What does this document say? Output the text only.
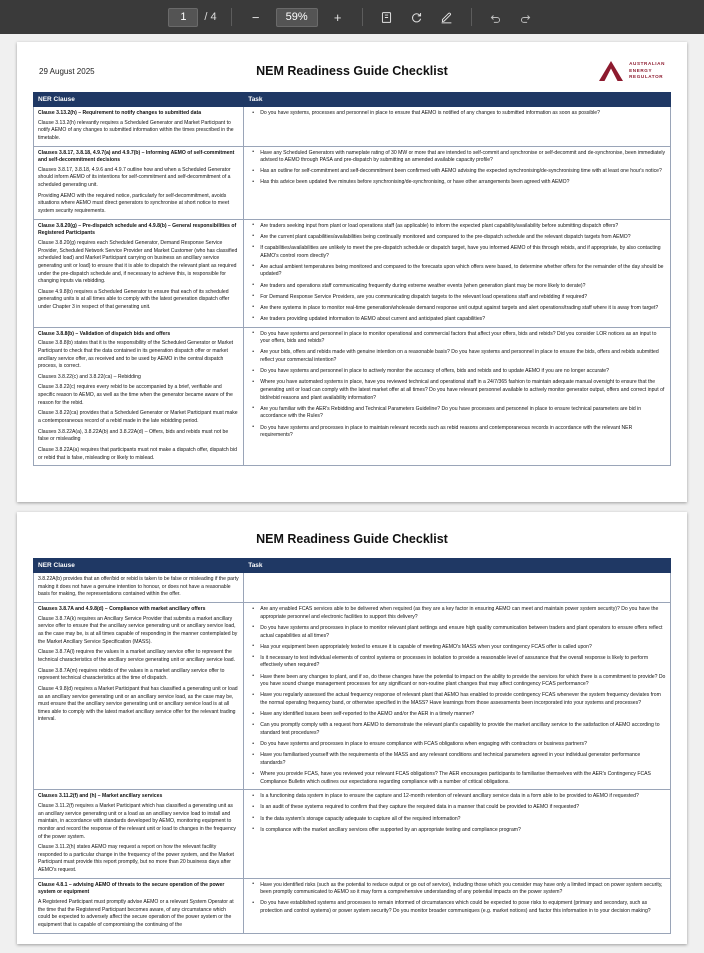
1
/ 4	−	59%	+
29 August 2025	NEM Readiness Guide Checklist
AUSTRALIAN
ENERGY
REGULATOR
NER Clause	Task

Clause 3.13.2(h) – Requirement to notify changes to submitted data
Clause 3.13.2(h) relevantly requires a Scheduled Generator and Market Participant to notify AEMO of any changes to submitted information within the times prescribed in the timetable.

• Do you have systems, processes and personnel in place to ensure that AEMO is notified of any changes to submitted information as soon as possible?

Clauses 3.8.17, 3.8.18, 4.9.7(a) and 4.9.7(b) – Informing AEMO of self-commitment and self-decommitment decisions
Clauses 3.8.17, 3.8.18, 4.9.6 and 4.9.7 outline how and when a Scheduled Generator should inform AEMO of its intentions for self-commitment and self-decommitment of a scheduled generating unit.
Providing AEMO with the required notice, particularly for self-decommitment, avoids situations where AEMO must direct generators to synchronise at short notice to meet system security requirements.

• Have any Scheduled Generators with nameplate rating of 30 MW or more that are intended to self-commit and synchronise or self-decommit and de-synchronise, been immediately advised to AEMO through PASA and pre-dispatch by submitting an amended available capacity profile?
• Has an outline for self-commitment and self-decommitment been confirmed with AEMO advising the expected synchronising/de-synchronising time with at least one hour's notice?
• Has this advice been updated five minutes before synchronising/de-synchronising, or have other arrangements been agreed with AEMO?

Clause 3.8.20(g) – Pre-dispatch schedule and 4.9.8(b) – General responsibilities of Registered Participants
Clause 3.8.20(g) requires each Scheduled Generator, Demand Response Service Provider, Scheduled Network Service Provider and Market Customer (who has classified scheduled load) and Market Participant carrying on business an ancillary service generating unit or load) to ensure that it is able to dispatch the relevant plant as required under the pre-dispatch schedule and, if necessary to achieve this, is responsible for changing inputs via rebidding.
Clause 4.9.8(b) requires a Scheduled Generator to ensure that each of its scheduled generating units is at all times able to comply with the latest generation dispatch offer under Chapter 3 in respect of that generating unit.

• Are traders seeking input from plant or load operations staff (as applicable) to inform the expected plant capability/availability before submitting dispatch offers?
• Are the current plant capabilities/availabilities being continually monitored and compared to the pre-dispatch schedule and the relevant dispatch targets from AEMO?
• If capabilities/availabilities are unlikely to meet the pre-dispatch schedule or dispatch target, have you informed AEMO of this through rebids, and if appropriate, by also contacting AEMO's control room directly?
• Are actual ambient temperatures being monitored and compared to the forecasts upon which offers were based, to determine whether offers for the remainder of the day should be updated?
• Are traders and operations staff communicating frequently during extreme weather events (when generation plant may be more likely to derate)?
• For Demand Response Service Providers, are you communicating dispatch targets to the relevant load operations staff and rebidding if required?
• Are there systems in place to monitor real-time generation/wholesale demand response unit output against targets and alert operations/trading staff where it is away from target?
• Are traders providing updated information to AEMO about current and anticipated plant capabilities?

Clause 3.8.8(b) – Validation of dispatch bids and offers
Clause 3.8.8(b) states that it is the responsibility of the Scheduled Generator or Market Participant to check that the data contained in its generation dispatch offer or market ancillary service offer, as received and to be used by AEMO in the central dispatch process, is correct.
Clauses 3.8.22(c) and 3.8.22(ca) – Rebidding
Clause 3.8.22(c) requires every rebid to be accompanied by a brief, verifiable and specific reason to AEMO, as well as the time when the generator became aware of the reason for the rebid.
Clause 3.8.22(ca) provides that a Scheduled Generator or Market Participant must make a contemporaneous record of a rebid made in the late rebidding period.
Clauses 3.8.22A(a), 3.8.22A(b) and 3.8.22A(d) – Offers, bids and rebids must not be false or misleading
Clause 3.8.22A(a) requires that participants must not make a dispatch offer, dispatch bid or rebid that is false, misleading or likely to mislead.

• Do you have systems and personnel in place to monitor operational and commercial factors that affect your offers, bids and rebids? Did you consider LOR notices as an input to your offers, bids and rebids?
• Are your bids, offers and rebids made with genuine intention on a reasonable basis? Do you have systems and personnel in place to ensure the bids, offers and rebids submitted reflect your commercial intention?
• Do you have systems and personnel in place to actively monitor the accuracy of offers, bids and rebids and to update AEMO if you are no longer accurate?
• Where you have automated systems in place, have you reviewed technical and operational staff in a 24/7/365 fashion to maintain adequate manual oversight to ensure that the generating unit or load can comply with the latest market offer at all times? Do you have relevant personnel available to actively monitor generator output, offers and correct input of bid/rebid reasons and plant availability information?
• Are you familiar with the AER's Rebidding and Technical Parameters Guideline? Do you have processes and personnel in place to ensure technical parameters are bid in accordance with the Rules?
• Do you have systems and processes in place to maintain relevant records such as rebid reasons and contemporaneous records in accordance with the relevant NER requirements?
NEM Readiness Guide Checklist
NER Clause	Task

3.8.22A(b) provides that an offer/bid or rebid is taken to be false or misleading if the party making it does not have a genuine intention to honour, or does not have a reasonable basis for making, the representations contained within the offer.

Clauses 3.8.7A and 4.9.8(d) – Compliance with market ancillary offers
Clause 3.8.7A(k) requires an Ancillary Service Provider that submits a market ancillary service offer to ensure that the ancillary service generating unit or ancillary service load, as the case may be, is at all times capable of responding in the manner contemplated by the Market Ancillary Service Specification (MASS).
Clause 3.8.7A(l) requires the values in a market ancillary service offer to represent the technical characteristics of the ancillary service generating unit or ancillary service load.
Clause 3.8.7A(m) requires rebids of the values in a market ancillary service offer to represent technical characteristics at the time of dispatch.
Clause 4.9.8(d) requires a Market Participant that has classified a generating unit or load as an ancillary service generating unit or an ancillary service load, as the case may be, must ensure that the ancillary service generating unit or ancillary service load is at all times able to comply with the latest market ancillary service offer for the relevant trading interval.

• Are any enabled FCAS services able to be delivered when required (as they are a key factor in ensuring AEMO can meet and maintain power system security)? Do you have the appropriate personnel and electronic facilities to support this delivery?
• Do you have systems and processes in place to monitor relevant plant settings and ensure high quality communication between traders and plant operators to ensure offers reflect actual capabilities at all times?
• Has your equipment been appropriately tested to ensure it is capable of meeting AEMO's MASS when your contingency FCAS offer is called upon?
• Is it necessary to test individual elements of control systems or processes in isolation to provide a reasonable level of assurance that the overall response is likely to perform effectively when required?
• Have there been any changes to plant, and if so, do these changes have the potential to impact on the ability to provide the services for which there is a commitment to provide? Do you have sound change management processes for any significant or non-routine plant changes that may affect contingency FCAS performance?
• Have you regularly assessed the actual frequency response of relevant plant that AEMO has enabled to provide contingency FCAS whenever the system frequency deviates from the normal operating frequency band, or otherwise specified in the MASS? Have learnings from those assessments been incorporated into your systems and processes?
• Have any identified issues been self-reported to the AEMO and/or the AER in a timely manner?
• Can you promptly comply with a request from AEMO to demonstrate the relevant plant's capability to provide the market ancillary service to the satisfaction of AEMO according to standard test procedures?
• Do you have systems and processes in place to ensure compliance with FCAS obligations when engaging with contractors or business partners?
• Have you familiarised yourself with the requirements of the MASS and any relevant conditions and technical parameters agreed in your individual generator performance standards?
• Where you provide FCAS, have you reviewed your relevant FCAS obligations? The AER encourages participants to familiarise themselves with the AER's Contingency FCAS Compliance Bulletin which outlines our expectations regarding compliance with a number of critical obligations.

Clauses 3.11.2(f) and (h) – Market ancillary services
Clause 3.11.2(f) requires a Market Participant which has classified a generating unit as an ancillary service generating unit or a load as an ancillary service load to install and maintain, in accordance with standards developed by AEMO, monitoring equipment to monitor and record the response of the relevant unit or load to changes in the frequency of the power system.
Clause 3.11.2(h) states AEMO may request a report on how the relevant facility responded to a particular change in the frequency of the power system, and the Market Participant must provide this report promptly, but no more than 20 business days after AEMO's request.

• Is a functioning data system in place to ensure the capture and 12-month retention of relevant ancillary service data in a form able to be provided to AEMO if requested?
• Is an audit of these systems required to confirm that they capture the required data in a manner that could be provided to AEMO if requested?
• Is the data system's storage capacity adequate to capture all of the required information?
• Is compliance with the market ancillary services offer supported by an appropriate testing and compliance program?

Clause 4.8.1 – advising AEMO of threats to the secure operation of the power system or equipment
A Registered Participant must promptly advise AEMO or a relevant System Operator at the time that the Registered Participant becomes aware, of any circumstance which could be expected to adversely affect the secure operation of the power system or the equipment that is capable of compromising the continuing of the

• Have you identified risks (such as the potential to reduce output or go out of service), including those which you consider may have only a limited impact on power system security, been promptly communicated to AEMO so it may form a comprehensive understanding of any potential impacts on the power system?
• Do you have established systems and processes to remain informed of circumstances which could be expected to pose risks to equipment (primary and secondary, such as protection and control systems) or power system security? Do you monitor broader communiques (e.g. market notices) and factor this information in to your decision making?
